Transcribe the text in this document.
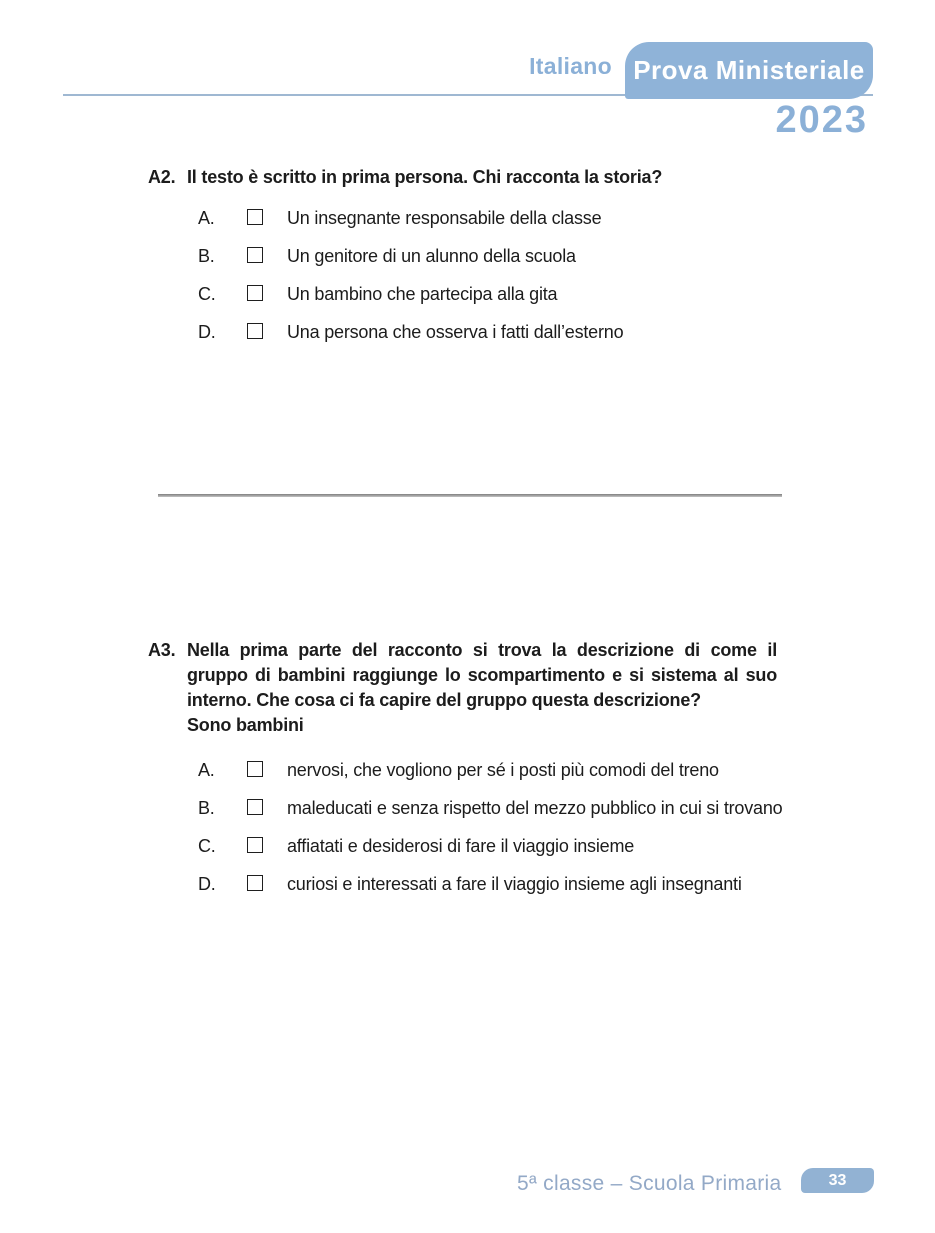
Italiano Prova Ministeriale
2023
A2. Il testo è scritto in prima persona. Chi racconta la storia?

A.	Un insegnante responsabile della classe
B.	Un genitore di un alunno della scuola
C.	Un bambino che partecipa alla gita
D.	Una persona che osserva i fatti dall’esterno
A3. Nella prima parte del racconto si trova la descrizione di come il gruppo di bambini raggiunge lo scompartimento e si sistema al suo interno. Che cosa ci fa capire del gruppo questa descrizione?

Sono bambini

A.	nervosi, che vogliono per sé i posti più comodi del treno
B.	maleducati e senza rispetto del mezzo pubblico in cui si trovano
C.	affiatati e desiderosi di fare il viaggio insieme
D.	curiosi e interessati a fare il viaggio insieme agli insegnanti
5ª classe – Scuola Primaria	33
